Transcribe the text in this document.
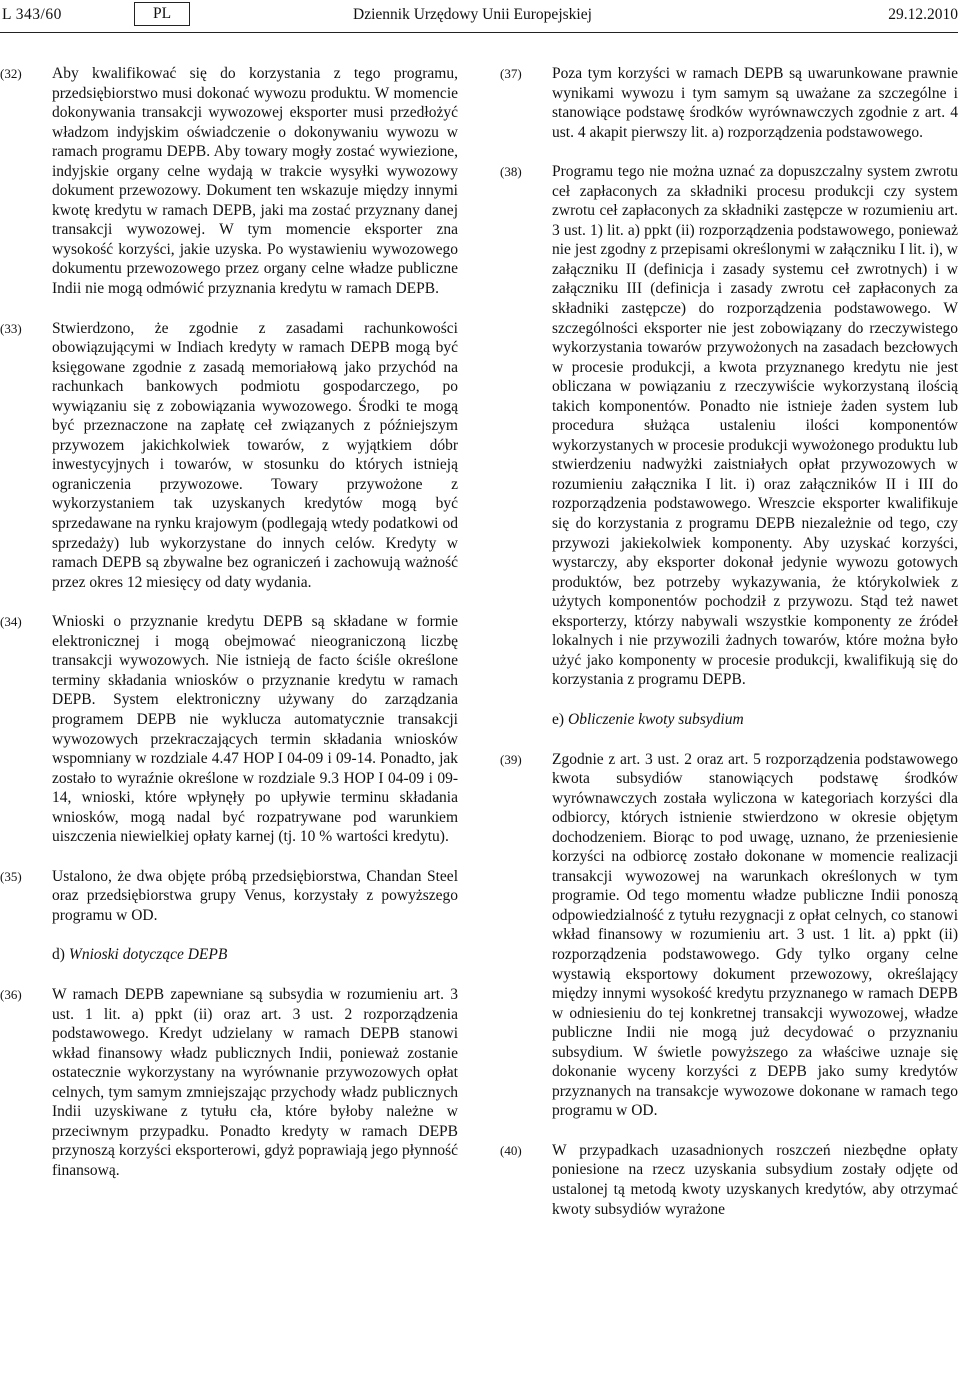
L 343/60	PL	Dziennik Urzędowy Unii Europejskiej	29.12.2010
(32) Aby kwalifikować się do korzystania z tego programu, przedsiębiorstwo musi dokonać wywozu produktu. W momencie dokonywania transakcji wywozowej eksporter musi przedłożyć władzom indyjskim oświadczenie o dokonywaniu wywozu w ramach programu DEPB. Aby towary mogły zostać wywiezione, indyjskie organy celne wydają w trakcie wysyłki wywozowy dokument przewozowy. Dokument ten wskazuje między innymi kwotę kredytu w ramach DEPB, jaki ma zostać przyznany danej transakcji wywozowej. W tym momencie eksporter zna wysokość korzyści, jakie uzyska. Po wystawieniu wywozowego dokumentu przewozowego przez organy celne władze publiczne Indii nie mogą odmówić przyznania kredytu w ramach DEPB.
(33) Stwierdzono, że zgodnie z zasadami rachunkowości obowiązującymi w Indiach kredyty w ramach DEPB mogą być księgowane zgodnie z zasadą memoriałową jako przychód na rachunkach bankowych podmiotu gospodarczego, po wywiązaniu się z zobowiązania wywozowego. Środki te mogą być przeznaczone na zapłatę ceł związanych z późniejszym przywozem jakichkolwiek towarów, z wyjątkiem dóbr inwestycyjnych i towarów, w stosunku do których istnieją ograniczenia przywozowe. Towary przywożone z wykorzystaniem tak uzyskanych kredytów mogą być sprzedawane na rynku krajowym (podlegają wtedy podatkowi od sprzedaży) lub wykorzystane do innych celów. Kredyty w ramach DEPB są zbywalne bez ograniczeń i zachowują ważność przez okres 12 miesięcy od daty wydania.
(34) Wnioski o przyznanie kredytu DEPB są składane w formie elektronicznej i mogą obejmować nieograniczoną liczbę transakcji wywozowych. Nie istnieją de facto ściśle określone terminy składania wniosków o przyznanie kredytu w ramach DEPB. System elektroniczny używany do zarządzania programem DEPB nie wyklucza automatycznie transakcji wywozowych przekraczających termin składania wniosków wspomniany w rozdziale 4.47 HOP I 04-09 i 09-14. Ponadto, jak zostało to wyraźnie określone w rozdziale 9.3 HOP I 04-09 i 09-14, wnioski, które wpłynęły po upływie terminu składania wniosków, mogą nadal być rozpatrywane pod warunkiem uiszczenia niewielkiej opłaty karnej (tj. 10 % wartości kredytu).
(35) Ustalono, że dwa objęte próbą przedsiębiorstwa, Chandan Steel oraz przedsiębiorstwa grupy Venus, korzystały z powyższego programu w OD.
d) Wnioski dotyczące DEPB
(36) W ramach DEPB zapewniane są subsydia w rozumieniu art. 3 ust. 1 lit. a) ppkt (ii) oraz art. 3 ust. 2 rozporządzenia podstawowego. Kredyt udzielany w ramach DEPB stanowi wkład finansowy władz publicznych Indii, ponieważ zostanie ostatecznie wykorzystany na wyrównanie przywozowych opłat celnych, tym samym zmniejszając przychody władz publicznych Indii uzyskiwane z tytułu cła, które byłoby należne w przeciwnym przypadku. Ponadto kredyty w ramach DEPB przynoszą korzyści eksporterowi, gdyż poprawiają jego płynność finansową.
(37) Poza tym korzyści w ramach DEPB są uwarunkowane prawnie wynikami wywozu i tym samym są uważane za szczególne i stanowiące podstawę środków wyrównawczych zgodnie z art. 4 ust. 4 akapit pierwszy lit. a) rozporządzenia podstawowego.
(38) Programu tego nie można uznać za dopuszczalny system zwrotu ceł zapłaconych za składniki procesu produkcji czy system zwrotu ceł zapłaconych za składniki zastępcze w rozumieniu art. 3 ust. 1) lit. a) ppkt (ii) rozporządzenia podstawowego, ponieważ nie jest zgodny z przepisami określonymi w załączniku I lit. i), w załączniku II (definicja i zasady systemu ceł zwrotnych) i w załączniku III (definicja i zasady zwrotu ceł zapłaconych za składniki zastępcze) do rozporządzenia podstawowego. W szczególności eksporter nie jest zobowiązany do rzeczywistego wykorzystania towarów przywożonych na zasadach bezcłowych w procesie produkcji, a kwota przyznanego kredytu nie jest obliczana w powiązaniu z rzeczywiście wykorzystaną ilością takich komponentów. Ponadto nie istnieje żaden system lub procedura służąca ustaleniu ilości komponentów wykorzystanych w procesie produkcji wywożonego produktu lub stwierdzeniu nadwyżki zaistniałych opłat przywozowych w rozumieniu załącznika I lit. i) oraz załączników II i III do rozporządzenia podstawowego. Wreszcie eksporter kwalifikuje się do korzystania z programu DEPB niezależnie od tego, czy przywozi jakiekolwiek komponenty. Aby uzyskać korzyści, wystarczy, aby eksporter dokonał jedynie wywozu gotowych produktów, bez potrzeby wykazywania, że którykolwiek z użytych komponentów pochodził z przywozu. Stąd też nawet eksporterzy, którzy nabywali wszystkie komponenty ze źródeł lokalnych i nie przywozili żadnych towarów, które można było użyć jako komponenty w procesie produkcji, kwalifikują się do korzystania z programu DEPB.
e) Obliczenie kwoty subsydium
(39) Zgodnie z art. 3 ust. 2 oraz art. 5 rozporządzenia podstawowego kwota subsydiów stanowiących podstawę środków wyrównawczych została wyliczona w kategoriach korzyści dla odbiorcy, których istnienie stwierdzono w okresie objętym dochodzeniem. Biorąc to pod uwagę, uznano, że przeniesienie korzyści na odbiorcę zostało dokonane w momencie realizacji transakcji wywozowej na warunkach określonych w tym programie. Od tego momentu władze publiczne Indii ponoszą odpowiedzialność z tytułu rezygnacji z opłat celnych, co stanowi wkład finansowy w rozumieniu art. 3 ust. 1 lit. a) ppkt (ii) rozporządzenia podstawowego. Gdy tylko organy celne wystawią eksportowy dokument przewozowy, określający między innymi wysokość kredytu przyznanego w ramach DEPB w odniesieniu do tej konkretnej transakcji wywozowej, władze publiczne Indii nie mogą już decydować o przyznaniu subsydium. W świetle powyższego za właściwe uznaje się dokonanie wyceny korzyści z DEPB jako sumy kredytów przyznanych na transakcje wywozowe dokonane w ramach tego programu w OD.
(40) W przypadkach uzasadnionych roszczeń niezbędne opłaty poniesione na rzecz uzyskania subsydium zostały odjęte od ustalonej tą metodą kwoty uzyskanych kredytów, aby otrzymać kwoty subsydiów wyrażone
